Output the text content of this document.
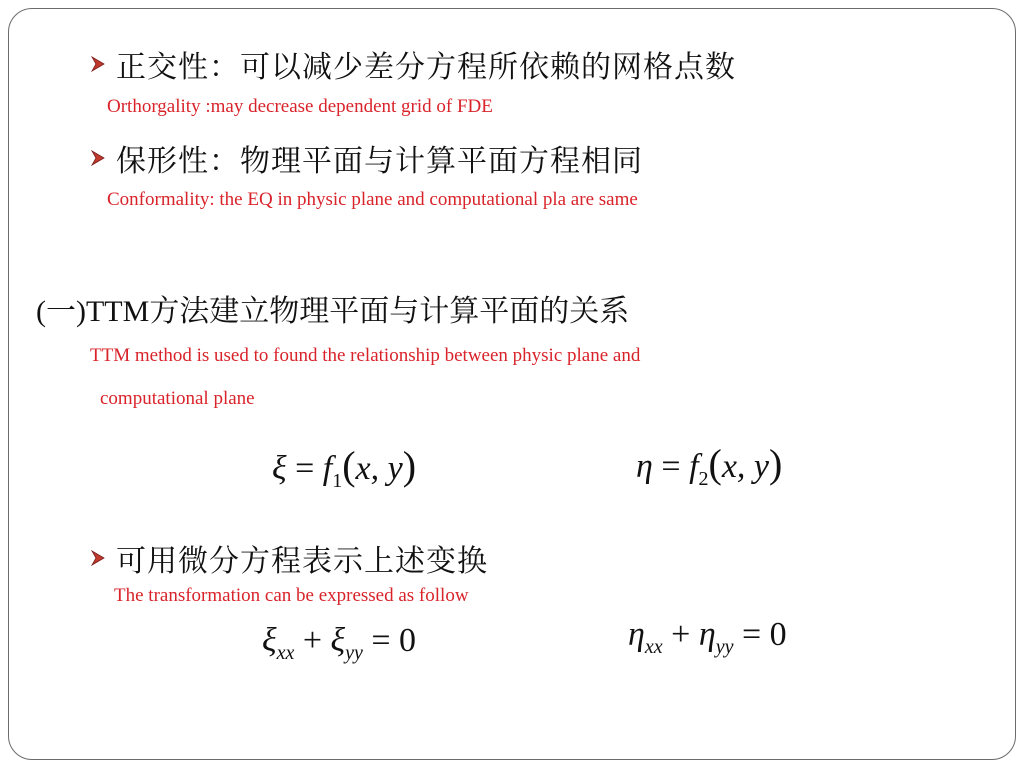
正交性：可以减少差分方程所依赖的网格点数
Orthorgality :may decrease dependent grid of FDE
保形性：物理平面与计算平面方程相同
Conformality: the EQ in physic plane and computational pla are same
(一)TTM方法建立物理平面与计算平面的关系
TTM method is used to found the relationship between physic plane and
computational plane
$\xi = f_1(x$, y)	$\eta = f_2(x$, y)
可用微分方程表示上述变换
The transformation can be expressed as follow
$\xi_{xx} + \xi_{yy} = 0$	$\eta_{xx} + \eta_{yy} = 0$
